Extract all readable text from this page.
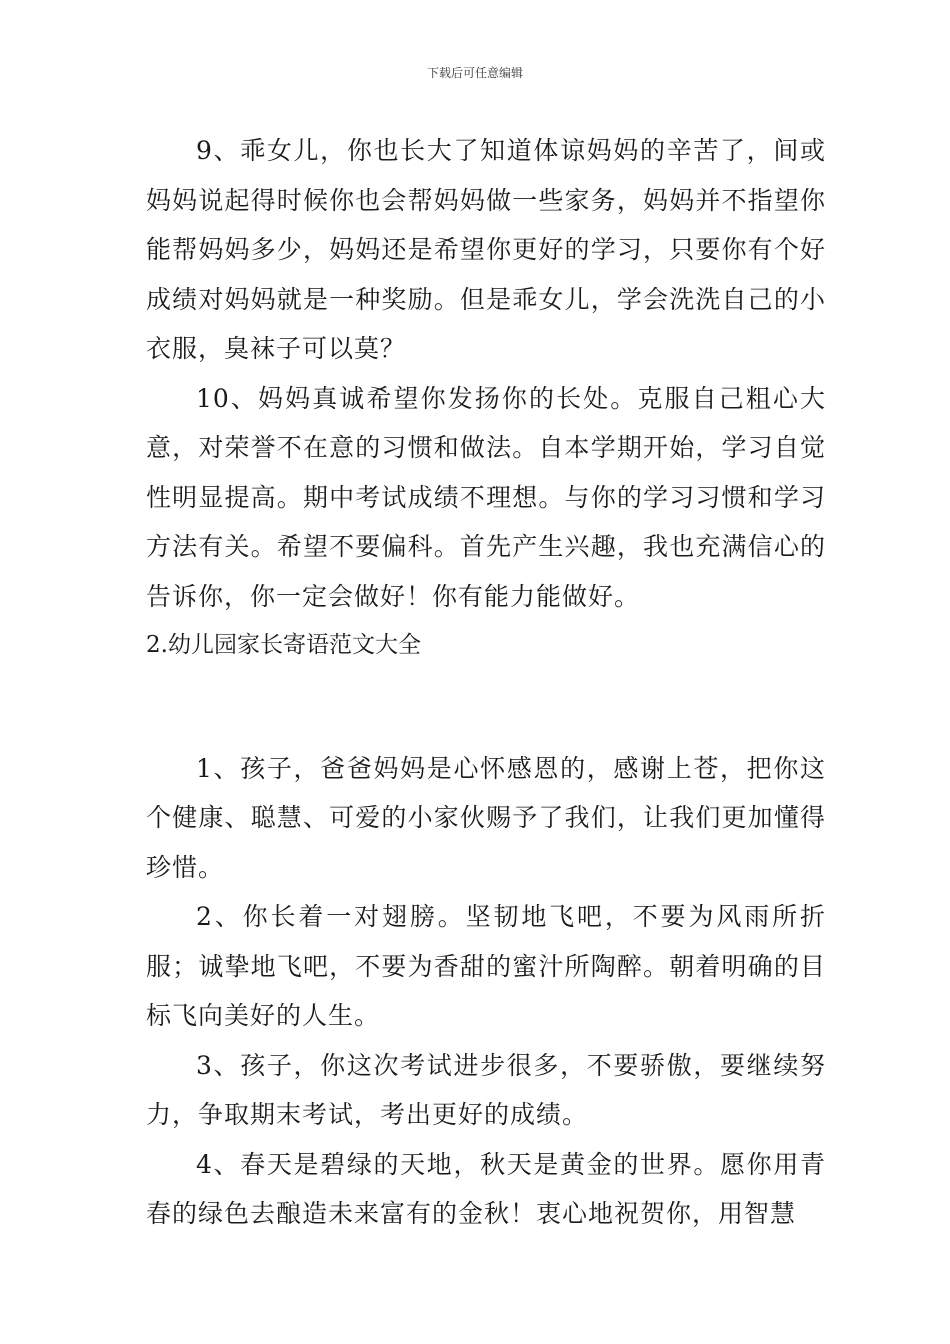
下载后可任意编辑

9、乖女儿，你也长大了知道体谅妈妈的辛苦了，间或妈妈说起得时候你也会帮妈妈做一些家务，妈妈并不指望你能帮妈妈多少，妈妈还是希望你更好的学习，只要你有个好成绩对妈妈就是一种奖励。但是乖女儿，学会洗洗自己的小衣服，臭袜子可以莫？

10、妈妈真诚希望你发扬你的长处。克服自己粗心大意，对荣誉不在意的习惯和做法。自本学期开始，学习自觉性明显提高。期中考试成绩不理想。与你的学习习惯和学习方法有关。希望不要偏科。首先产生兴趣，我也充满信心的告诉你，你一定会做好！你有能力能做好。

2.幼儿园家长寄语范文大全

1、孩子，爸爸妈妈是心怀感恩的，感谢上苍，把你这个健康、聪慧、可爱的小家伙赐予了我们，让我们更加懂得珍惜。

2、你长着一对翅膀。坚韧地飞吧，不要为风雨所折服；诚挚地飞吧，不要为香甜的蜜汁所陶醉。朝着明确的目标飞向美好的人生。

3、孩子，你这次考试进步很多，不要骄傲，要继续努力，争取期末考试，考出更好的成绩。

4、春天是碧绿的天地，秋天是黄金的世界。愿你用青春的绿色去酿造未来富有的金秋！衷心地祝贺你，用智慧
